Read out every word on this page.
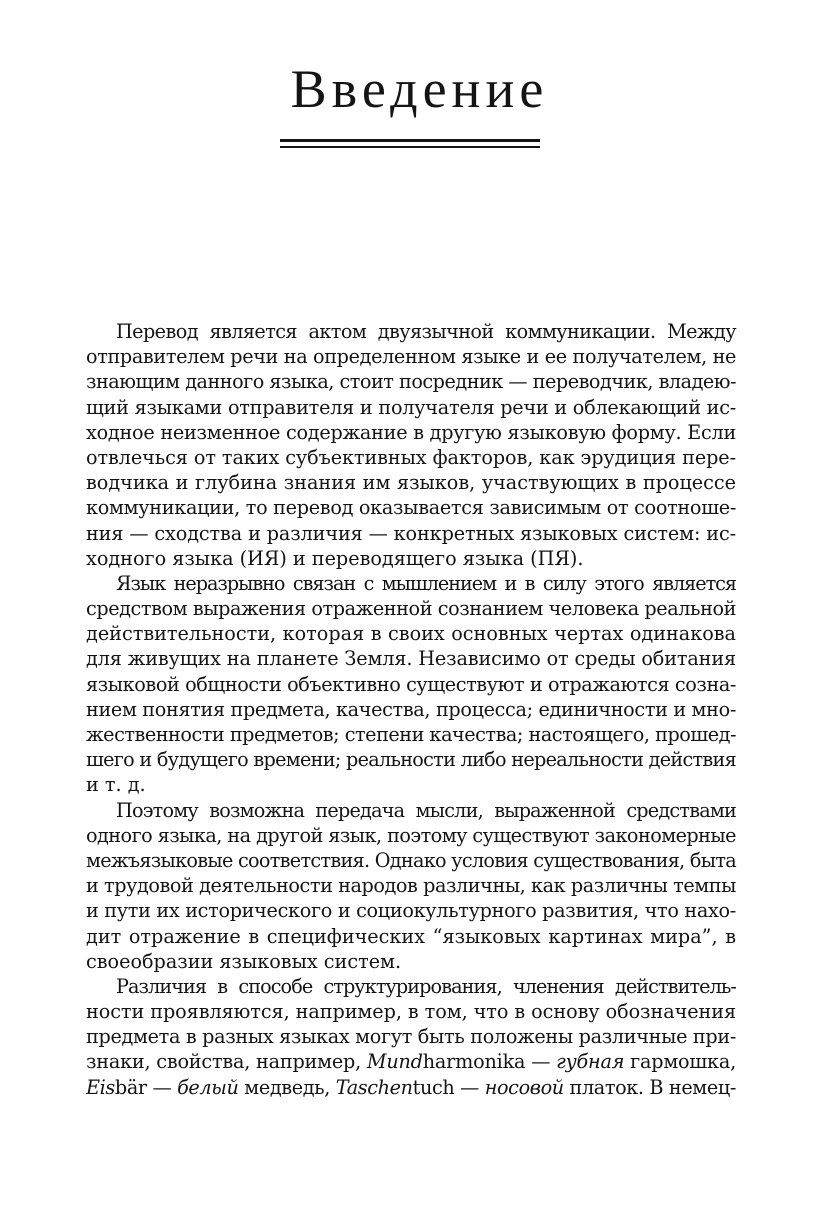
Введение
Перевод является актом двуязычной коммуникации. Между
отправителем речи на определенном языке и ее получателем, не
знающим данного языка, стоит посредник — переводчик, владею-
щий языками отправителя и получателя речи и облекающий ис-
ходное неизменное содержание в другую языковую форму. Если
отвлечься от таких субъективных факторов, как эрудиция пере-
водчика и глубина знания им языков, участвующих в процессе
коммуникации, то перевод оказывается зависимым от соотноше-
ния — сходства и различия — конкретных языковых систем: ис-
ходного языка (ИЯ) и переводящего языка (ПЯ).
Язык неразрывно связан с мышлением и в силу этого является
средством выражения отраженной сознанием человека реальной
действительности, которая в своих основных чертах одинакова
для живущих на планете Земля. Независимо от среды обитания
языковой общности объективно существуют и отражаются созна-
нием понятия предмета, качества, процесса; единичности и мно-
жественности предметов; степени качества; настоящего, прошед-
шего и будущего времени; реальности либо нереальности действия
и т. д.
Поэтому возможна передача мысли, выраженной средствами
одного языка, на другой язык, поэтому существуют закономерные
межъязыковые соответствия. Однако условия существования, быта
и трудовой деятельности народов различны, как различны темпы
и пути их исторического и социокультурного развития, что нахо-
дит отражение в специфических “языковых картинах мира”, в
своеобразии языковых систем.
Различия в способе структурирования, членения действитель-
ности проявляются, например, в том, что в основу обозначения
предмета в разных языках могут быть положены различные при-
знаки, свойства, например, Mundharmonika — губная гармошка,
Eisbär — белый медведь, Taschentuch — носовой платок. В немец-
